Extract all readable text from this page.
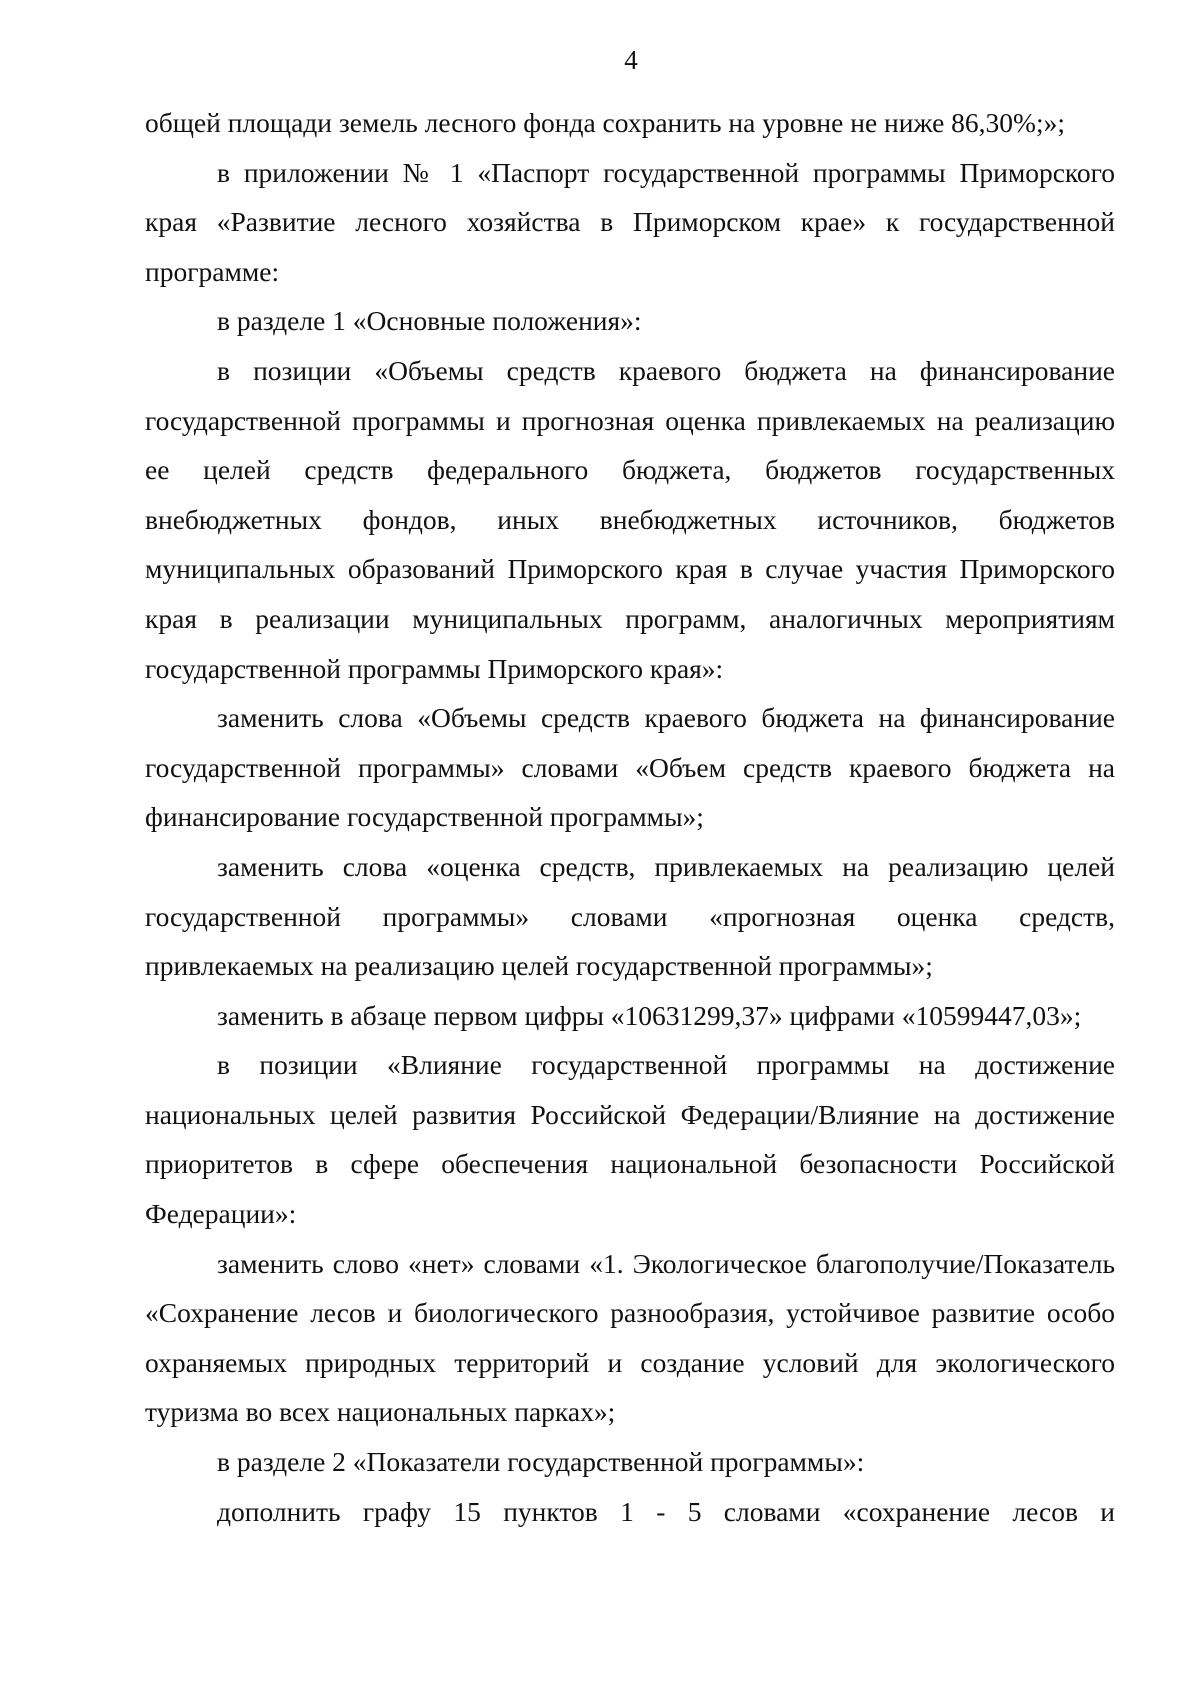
4

общей площади земель лесного фонда сохранить на уровне не ниже 86,30%;»;

в приложении № 1 «Паспорт государственной программы Приморского края «Развитие лесного хозяйства в Приморском крае» к государственной программе:

в разделе 1 «Основные положения»:

в позиции «Объемы средств краевого бюджета на финансирование государственной программы и прогнозная оценка привлекаемых на реализацию ее целей средств федерального бюджета, бюджетов государственных внебюджетных фондов, иных внебюджетных источников, бюджетов муниципальных образований Приморского края в случае участия Приморского края в реализации муниципальных программ, аналогичных мероприятиям государственной программы Приморского края»:

заменить слова «Объемы средств краевого бюджета на финансирование государственной программы» словами «Объем средств краевого бюджета на финансирование государственной программы»;

заменить слова «оценка средств, привлекаемых на реализацию целей государственной программы» словами «прогнозная оценка средств, привлекаемых на реализацию целей государственной программы»;

заменить в абзаце первом цифры «10631299,37» цифрами «10599447,03»;

в позиции «Влияние государственной программы на достижение национальных целей развития Российской Федерации/Влияние на достижение приоритетов в сфере обеспечения национальной безопасности Российской Федерации»:

заменить слово «нет» словами «1. Экологическое благополучие/Показатель «Сохранение лесов и биологического разнообразия, устойчивое развитие особо охраняемых природных территорий и создание условий для экологического туризма во всех национальных парках»;

в разделе 2 «Показатели государственной программы»:

дополнить графу 15 пунктов 1 - 5 словами «сохранение лесов и
